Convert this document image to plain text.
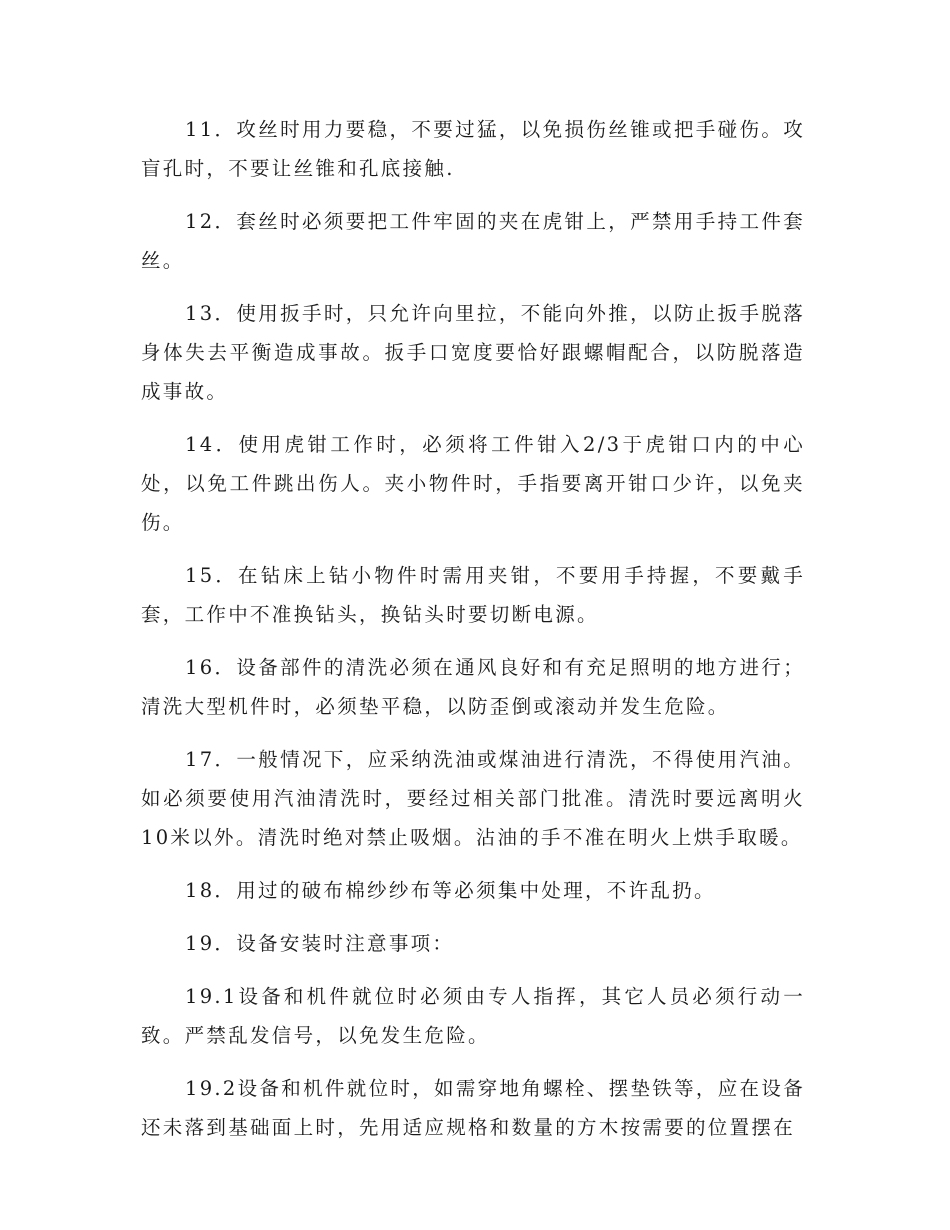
11．攻丝时用力要稳，不要过猛，以免损伤丝锥或把手碰伤。攻盲孔时，不要让丝锥和孔底接触.

12．套丝时必须要把工件牢固的夹在虎钳上，严禁用手持工件套丝。

13．使用扳手时，只允许向里拉，不能向外推，以防止扳手脱落身体失去平衡造成事故。扳手口宽度要恰好跟螺帽配合，以防脱落造成事故。

14．使用虎钳工作时，必须将工件钳入2/3于虎钳口内的中心处，以免工件跳出伤人。夹小物件时，手指要离开钳口少许，以免夹伤。

15．在钻床上钻小物件时需用夹钳，不要用手持握，不要戴手套，工作中不准换钻头，换钻头时要切断电源。

16．设备部件的清洗必须在通风良好和有充足照明的地方进行；清洗大型机件时，必须垫平稳，以防歪倒或滚动并发生危险。

17．一般情况下，应采纳洗油或煤油进行清洗，不得使用汽油。如必须要使用汽油清洗时，要经过相关部门批准。清洗时要远离明火10米以外。清洗时绝对禁止吸烟。沾油的手不准在明火上烘手取暖。

18．用过的破布棉纱纱布等必须集中处理，不许乱扔。

19．设备安装时注意事项：

19.1设备和机件就位时必须由专人指挥，其它人员必须行动一致。严禁乱发信号，以免发生危险。

19.2设备和机件就位时，如需穿地角螺栓、摆垫铁等，应在设备还未落到基础面上时，先用适应规格和数量的方木按需要的位置摆在
